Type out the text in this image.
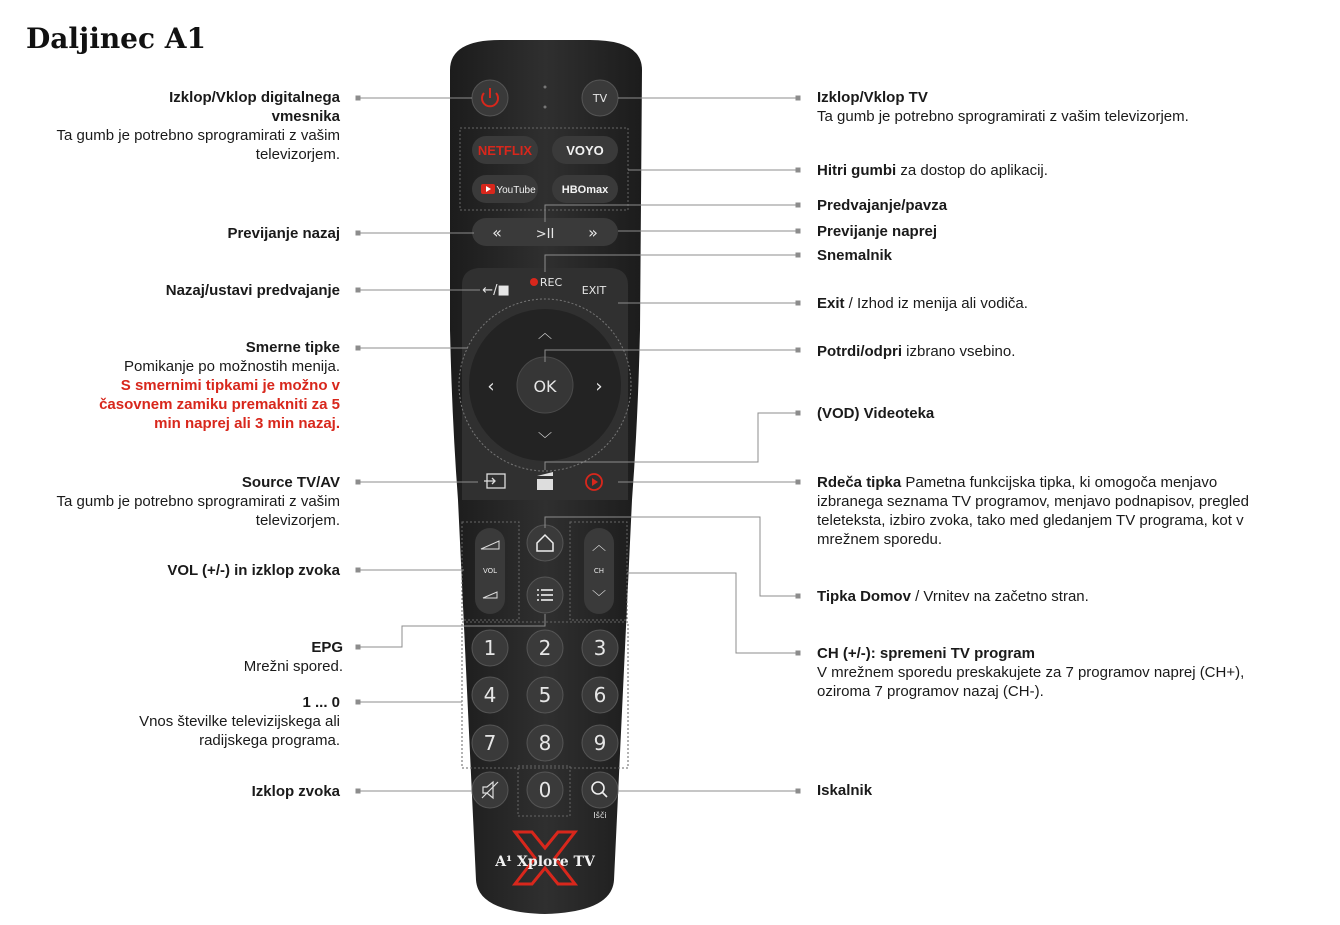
Daljinec A1
TV
NETFLIX	VOYO
YouTube HBOmax
«	>II »
←/■
REC
EXIT
︿
﹀
‹	›
OK
VOL
︿
CH
﹀
1 2 3
4 5 6
7 8 9
0
Išči
A¹ Xplore TV
Izklop/Vklop digitalnega vmesnika
Ta gumb je potrebno sprogramirati z vašim televizorjem.
Previjanje nazaj
Nazaj/ustavi predvajanje
Smerne tipke
Pomikanje po možnostih menija.
S smernimi tipkami je možno v časovnem zamiku premakniti za 5 min naprej ali 3 min nazaj.
Source TV/AV
Ta gumb je potrebno sprogramirati z vašim televizorjem.
VOL (+/-) in izklop zvoka
EPG
Mrežni spored.
1 ... 0
Vnos številke televizijskega ali radijskega programa.
Izklop zvoka
Izklop/Vklop TV
Ta gumb je potrebno sprogramirati z vašim televizorjem.
Hitri gumbi za dostop do aplikacij.
Predvajanje/pavza
Previjanje naprej
Snemalnik
Exit / Izhod iz menija ali vodiča.
Potrdi/odpri izbrano vsebino.
(VOD) Videoteka
Rdeča tipka Pametna funkcijska tipka, ki omogoča menjavo izbranega seznama TV programov, menjavo podnapisov, pregled teleteksta, izbiro zvoka, tako med gledanjem TV programa, kot v mrežnem sporedu.
Tipka Domov / Vrnitev na začetno stran.
CH (+/-): spremeni TV program
V mrežnem sporedu preskakujete za 7 programov naprej (CH+), oziroma 7 programov nazaj (CH-).
Iskalnik
